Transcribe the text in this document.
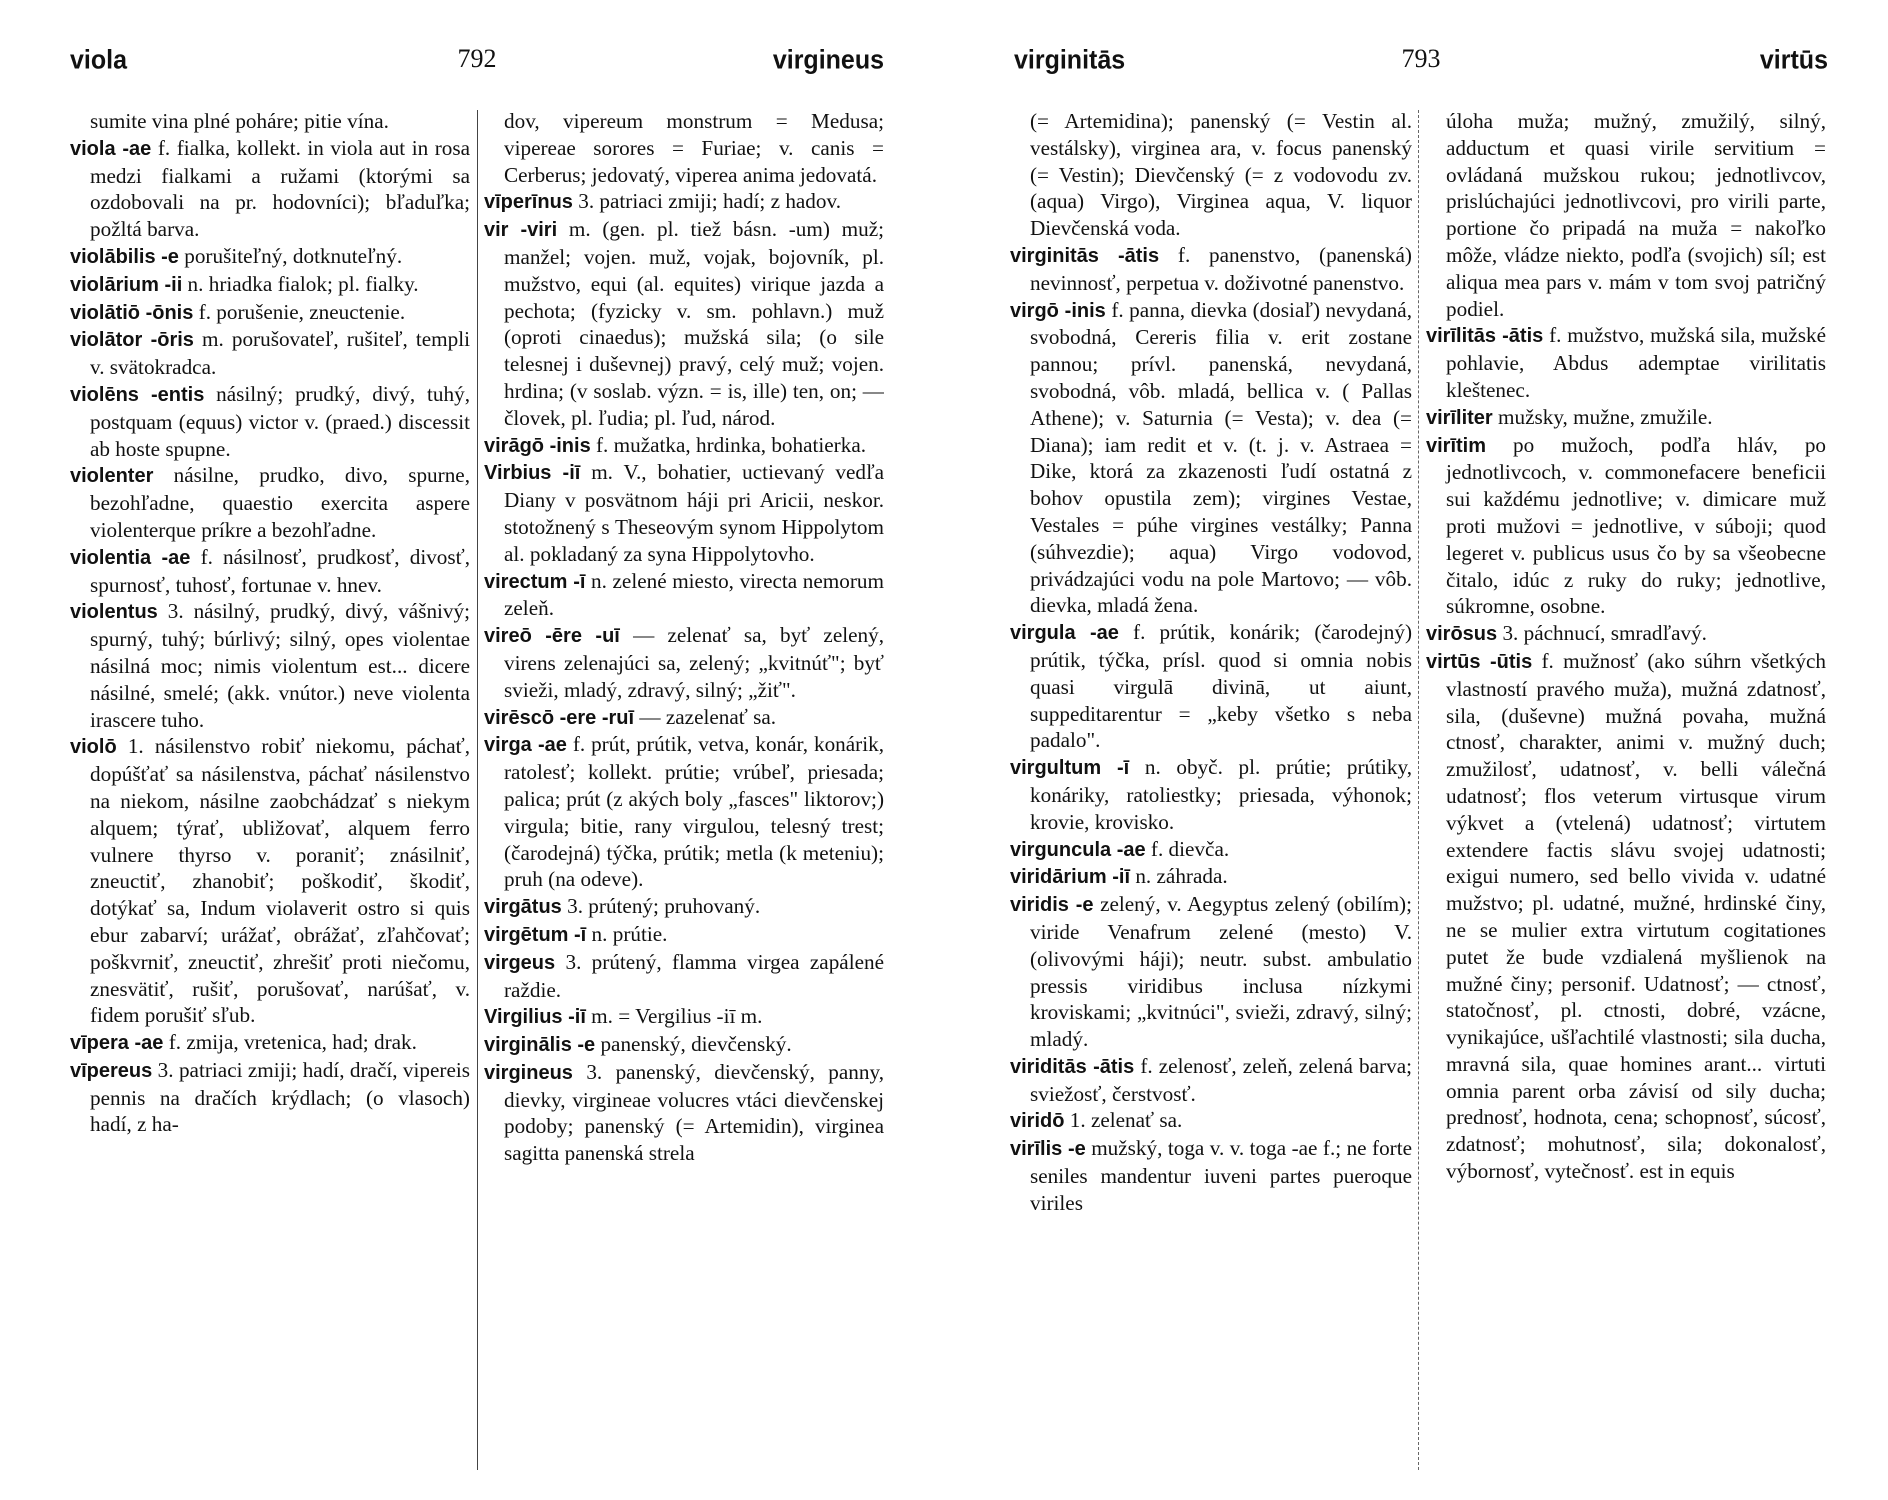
viola	792	virgineus

sumite vina plné poháre; pitie vína.

viola -ae f. fialka, kollekt. in viola aut in rosa medzi fialkami a ružami (ktorými sa ozdobovali na pr. hodovníci); bľaduľka; požltá barva.

violābilis -e porušiteľný, dotknuteľný.

violārium -ii n. hriadka fialok; pl. fialky.

violātiō -ōnis f. porušenie, zneuctenie.

violātor -ōris m. porušovateľ, rušiteľ, templi v. svätokradca.

violēns -entis násilný; prudký, divý, tuhý, postquam (equus) victor v. (praed.) discessit ab hoste spupne.

violenter násilne, prudko, divo, spurne, bezohľadne, quaestio exercita aspere violenterque príkre a bezohľadne.

violentia -ae f. násilnosť, prudkosť, divosť, spurnosť, tuhosť, fortunae v. hnev.

violentus 3. násilný, prudký, divý, vášnivý; spurný, tuhý; búrlivý; silný, opes violentae násilná moc; nimis violentum est... dicere násilné, smelé; (akk. vnútor.) neve violenta irascere tuho.

violō 1. násilenstvo robiť niekomu, páchať, dopúšťať sa násilenstva, páchať násilenstvo na niekom, násilne zaobchádzať s niekym alquem; týrať, ubližovať, alquem ferro vulnere thyrso v. poraniť; znásilniť, zneuctiť, zhanobiť; poškodiť, škodiť, dotýkať sa, Indum violaverit ostro si quis ebur zabarví; urážať, obrážať, zľahčovať; poškvrniť, zneuctiť, zhrešiť proti niečomu, znesvätiť, rušiť, porušovať, narúšať, v. fidem porušiť sľub.

vīpera -ae f. zmija, vretenica, had; drak.

vīpereus 3. patriaci zmiji; hadí, dračí, vipereis pennis na dračích krýdlach; (o vlasoch) hadí, z ha-

dov, vipereum monstrum = Medusa; vipereae sorores = Furiae; v. canis = Cerberus; jedovatý, viperea anima jedovatá.

vīperīnus 3. patriaci zmiji; hadí; z hadov.

vir -viri m. (gen. pl. tiež básn. -um) muž; manžel; vojen. muž, vojak, bojovník, pl. mužstvo, equi (al. equites) virique jazda a pechota; (fyzicky v. sm. pohlavn.) muž (oproti cinaedus); mužská sila; (o sile telesnej i duševnej) pravý, celý muž; vojen. hrdina; (v soslab. význ. = is, ille) ten, on; — človek, pl. ľudia; pl. ľud, národ.

virāgō -inis f. mužatka, hrdinka, bohatierka.

Virbius -iī m. V., bohatier, uctievaný vedľa Diany v posvätnom háji pri Aricii, neskor. stotožnený s Theseovým synom Hippolytom al. pokladaný za syna Hippolytovho.

virectum -ī n. zelené miesto, virecta nemorum zeleň.

vireō -ēre -uī — zelenať sa, byť zelený, virens zelenajúci sa, zelený; „kvitnúť"; byť svieži, mladý, zdravý, silný; „žiť".

virēscō -ere -ruī — zazelenať sa.

virga -ae f. prút, prútik, vetva, konár, konárik, ratolesť; kollekt. prútie; vrúbeľ, priesada; palica; prút (z akých boly „fasces" liktorov;) virgula; bitie, rany virgulou, telesný trest; (čarodejná) týčka, prútik; metla (k meteniu); pruh (na odeve).

virgātus 3. prútený; pruhovaný.

virgētum -ī n. prútie.

virgeus 3. prútený, flamma virgea zapálené raždie.

Virgilius -iī m. = Vergilius -iī m.

virginālis -e panenský, dievčenský.

virgineus 3. panenský, dievčenský, panny, dievky, virgineae volucres vtáci dievčenskej podoby; panenský (= Artemidin), virginea sagitta panenská strela

virginitās	793	virtūs

(= Artemidina); panenský (= Vestin al. vestálsky), virginea ara, v. focus panenský (= Vestin); Dievčenský (= z vodovodu zv. (aqua) Virgo), Virginea aqua, V. liquor Dievčenská voda.

virginitās -ātis f. panenstvo, (panenská) nevinnosť, perpetua v. doživotné panenstvo.

virgō -inis f. panna, dievka (dosiaľ) nevydaná, svobodná, Cereris filia v. erit zostane pannou; prívl. panenská, nevydaná, svobodná, vôb. mladá, bellica v. ( Pallas Athene); v. Saturnia (= Vesta); v. dea (= Diana); iam redit et v. (t. j. v. Astraea = Dike, ktorá za zkazenosti ľudí ostatná z bohov opustila zem); virgines Vestae, Vestales = púhe virgines vestálky; Panna (súhvezdie); aqua) Virgo vodovod, privádzajúci vodu na pole Martovo; — vôb. dievka, mladá žena.

virgula -ae f. prútik, konárik; (čarodejný) prútik, týčka, prísl. quod si omnia nobis quasi virgulā divinā, ut aiunt, suppeditarentur = „keby všetko s neba padalo".

virgultum -ī n. obyč. pl. prútie; prútiky, konáriky, ratoliestky; priesada, výhonok; krovie, krovisko.

virguncula -ae f. dievča.

viridārium -iī n. záhrada.

viridis -e zelený, v. Aegyptus zelený (obilím); viride Venafrum zelené (mesto) V. (olivovými háji); neutr. subst. ambulatio pressis viridibus inclusa nízkymi kroviskami; „kvitnúci", svieži, zdravý, silný; mladý.

viriditās -ātis f. zelenosť, zeleň, zelená barva; sviežosť, čerstvosť.

viridō 1. zelenať sa.

virīlis -e mužský, toga v. v. toga -ae f.; ne forte seniles mandentur iuveni partes pueroque viriles

úloha muža; mužný, zmužilý, silný, adductum et quasi virile servitium = ovládaná mužskou rukou; jednotlivcov, prislúchajúci jednotlivcovi, pro virili parte, portione čo pripadá na muža = nakoľko môže, vládze niekto, podľa (svojich) síl; est aliqua mea pars v. mám v tom svoj patričný podiel.

virīlitās -ātis f. mužstvo, mužská sila, mužské pohlavie, Abdus ademptae virilitatis kleštenec.

virīliter mužsky, mužne, zmužile.

virītim po mužoch, podľa hláv, po jednotlivcoch, v. commonefacere beneficii sui každému jednotlive; v. dimicare muž proti mužovi = jednotlive, v súboji; quod legeret v. publicus usus čo by sa všeobecne čitalo, idúc z ruky do ruky; jednotlive, súkromne, osobne.

virōsus 3. páchnucí, smradľavý.

virtūs -ūtis f. mužnosť (ako súhrn všetkých vlastností pravého muža), mužná zdatnosť, sila, (duševne) mužná povaha, mužná ctnosť, charakter, animi v. mužný duch; zmužilosť, udatnosť, v. belli válečná udatnosť; flos veterum virtusque virum výkvet a (vtelená) udatnosť; virtutem extendere factis slávu svojej udatnosti; exigui numero, sed bello vivida v. udatné mužstvo; pl. udatné, mužné, hrdinské činy, ne se mulier extra virtutum cogitationes putet že bude vzdialená myšlienok na mužné činy; personif. Udatnosť; — ctnosť, statočnosť, pl. ctnosti, dobré, vzácne, vynikajúce, ušľachtilé vlastnosti; sila ducha, mravná sila, quae homines arant... virtuti omnia parent orba závisí od sily ducha; prednosť, hodnota, cena; schopnosť, súcosť, zdatnosť; mohutnosť, sila; dokonalosť, výbornosť, vytečnosť. est in equis
